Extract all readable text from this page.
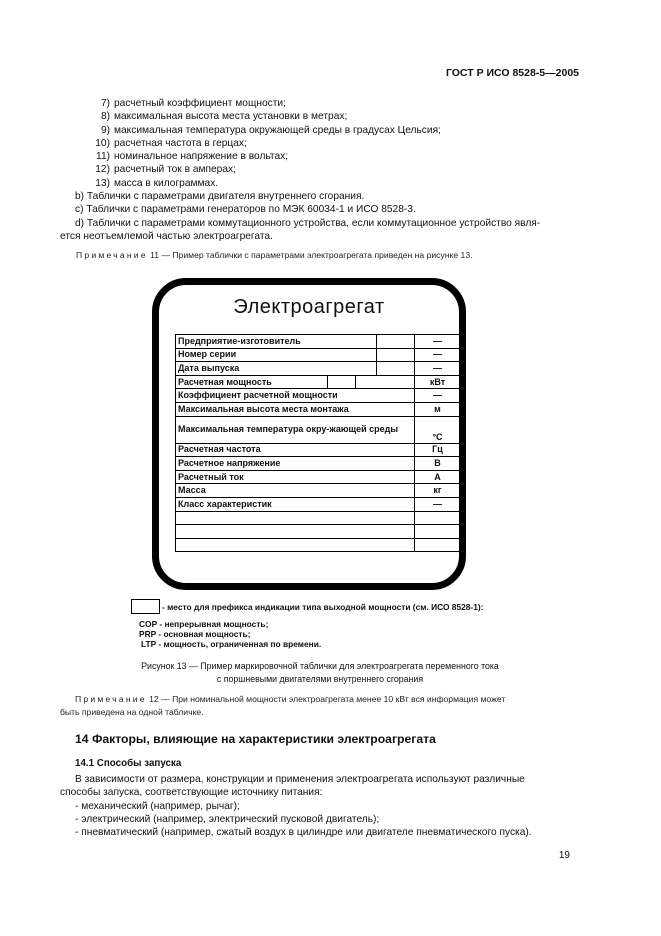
ГОСТ Р ИСО 8528-5—2005
7) расчетный коэффициент мощности;
8) максимальная высота места установки в метрах;
9) максимальная температура окружающей среды в градусах Цельсия;
10) расчетная частота в герцах;
11) номинальное напряжение в вольтах;
12) расчетный ток в амперах;
13) масса в килограммах.
b) Таблички с параметрами двигателя внутреннего сгорания.
c) Таблички с параметрами генераторов по МЭК 60034-1 и ИСО 8528-3.
d) Таблички с параметрами коммутационного устройства, если коммутационное устройство явля-
ется неотъемлемой частью электроагрегата.
Примечание 11 — Пример таблички с параметрами электроагрегата приведен на рисунке 13.
Электроагрегат
Предприятие-изготовитель				—
Номер серии				—
Дата выпуска				—
Расчетная мощность				кВт
Коэффициент расчетной мощности				—
Максимальная высота места монтажа				м
Максимальная температура окру-жающей среды				°С
Расчетная частота				Гц
Расчетное напряжение				В
Расчетный ток				А
Масса				кг
Класс характеристик				—

- место для префикса индикации типа выходной мощности (см. ИСО 8528-1):
COP - непрерывная мощность;
PRP - основная мощность;
LTP - мощность, ограниченная по времени.
Рисунок 13 — Пример маркировочной таблички для электроагрегата переменного тока
с поршневыми двигателями внутреннего сгорания
Примечание 12 — При номинальной мощности электроагрегата менее 10 кВт вся информация может
быть приведена на одной табличке.
14 Факторы, влияющие на характеристики электроагрегата
14.1 Способы запуска
В зависимости от размера, конструкции и применения электроагрегата используют различные
способы запуска, соответствующие источнику питания:
- механический (например, рычаг);
- электрический (например, электрический пусковой двигатель);
- пневматический (например, сжатый воздух в цилиндре или двигателе пневматического пуска).
19
